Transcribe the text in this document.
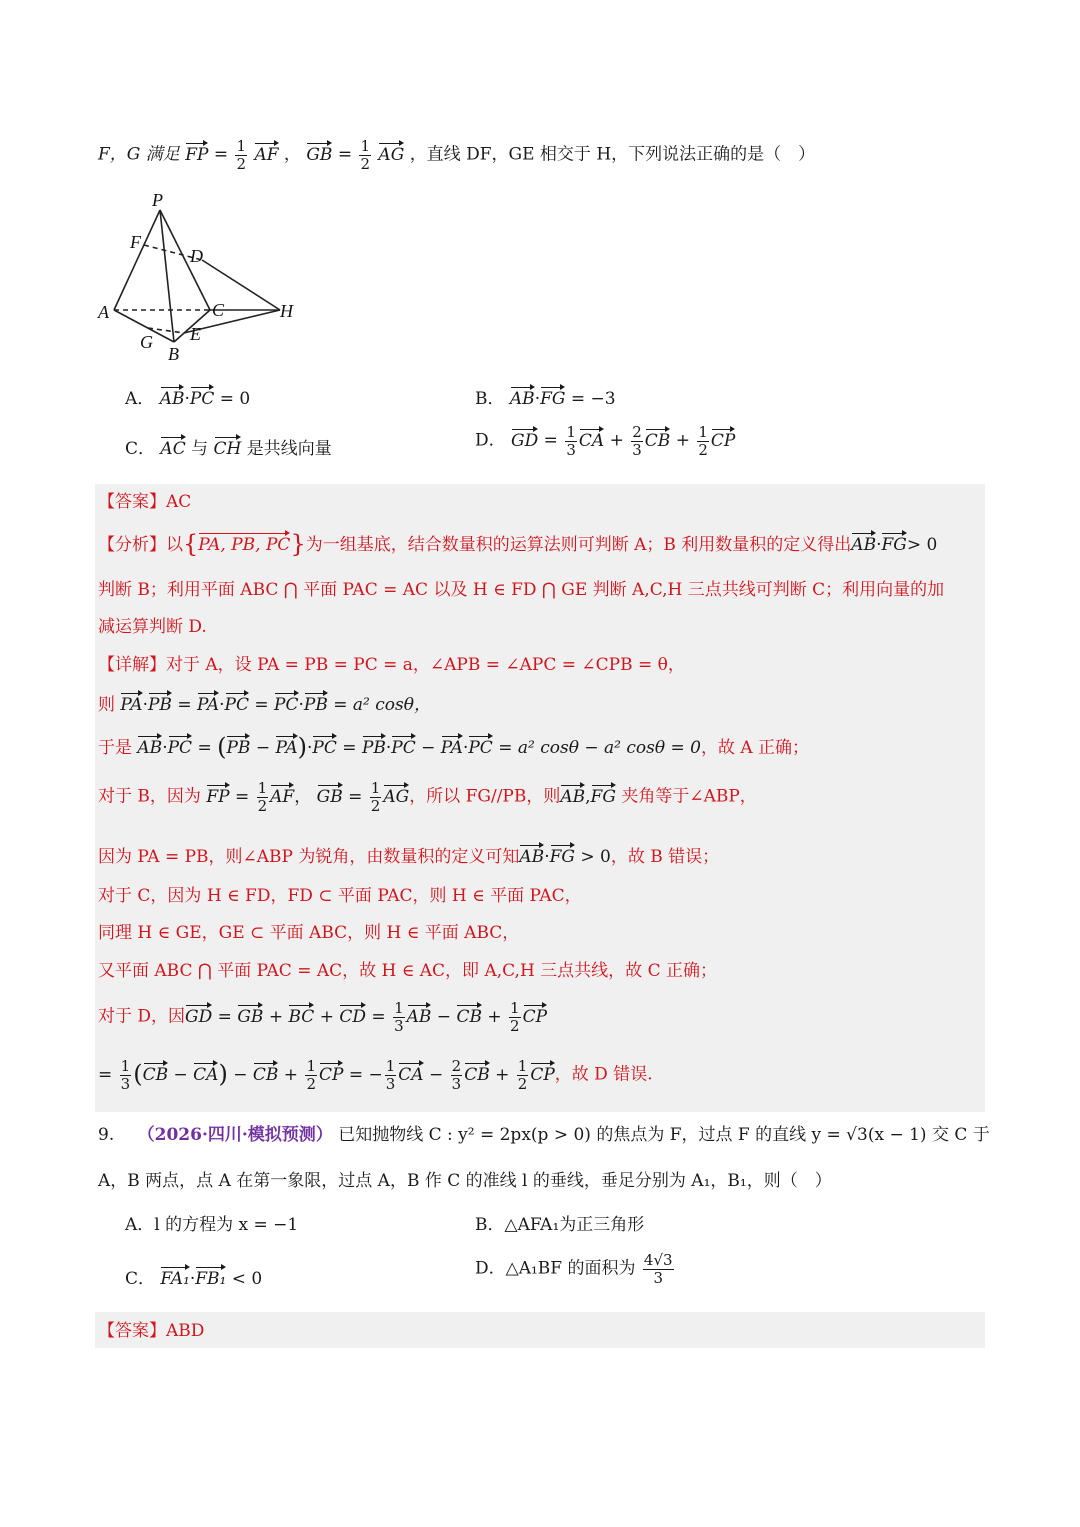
F，G 满足 FP = $\frac{1}{2}$ AF ， GB = $\frac{1}{2}$ AG ，直线 DF，GE 相交于 H，下列说法正确的是（　）
P
F
D
A	C	H
G E
B
A． AB·PC = 0	B． AB·FG = −3
C． AC 与 CH 是共线向量	D． GD = $\frac{1}{3}$ CA + $\frac{2}{3}$ CB + $\frac{1}{2}$ CP
【答案】AC
【分析】以{PA, PB, PC}为一组基底，结合数量积的运算法则可判断 A；B 利用数量积的定义得出AB·FG> 0
判断 B；利用平面 ABC ⋂ 平面 PAC = AC 以及 H ∈ FD ⋂ GE 判断 A,C,H 三点共线可判断 C；利用向量的加
减运算判断 D.
【详解】对于 A，设 PA = PB = PC = a，∠APB = ∠APC = ∠CPB = θ，
则 PA·PB = PA·PC = PC·PB = a² cosθ，
于是 AB·PC = (PB − PA)·PC = PB·PC − PA·PC = a² cosθ − a² cosθ = 0，故 A 正确；
对于 B，因为 FP = $\frac{1}{2}$ AF， GB = $\frac{1}{2}$ AG，所以 FG//PB，则AB,FG 夹角等于∠ABP，
因为 PA = PB，则∠ABP 为锐角，由数量积的定义可知AB·FG > 0，故 B 错误；
对于 C，因为 H ∈ FD，FD ⊂ 平面 PAC，则 H ∈ 平面 PAC，
同理 H ∈ GE，GE ⊂ 平面 ABC，则 H ∈ 平面 ABC，
又平面 ABC ⋂ 平面 PAC = AC，故 H ∈ AC，即 A,C,H 三点共线，故 C 正确；
对于 D，因GD = GB + BC + CD = $\frac{1}{3}$ AB − CB + $\frac{1}{2}$ CP
= $\frac{1}{3} (CB - CA)$ − CB + $\frac{1}{2}$ CP = − $\frac{1}{3}$ CA − $\frac{2}{3}$ CB + $\frac{1}{2}$ CP，故 D 错误.
9. （2026·四川·模拟预测） 已知抛物线 C : y² = 2px(p > 0) 的焦点为 F，过点 F 的直线 y = √3(x − 1) 交 C 于
A，B 两点，点 A 在第一象限，过点 A，B 作 C 的准线 l 的垂线，垂足分别为 A₁，B₁，则（　）
A．l 的方程为 x = −1	B．△AFA₁为正三角形
C． FA₁·FB₁ < 0
D．△A₁BF 的面积为 $\frac{4√3}{3}$
【答案】ABD
